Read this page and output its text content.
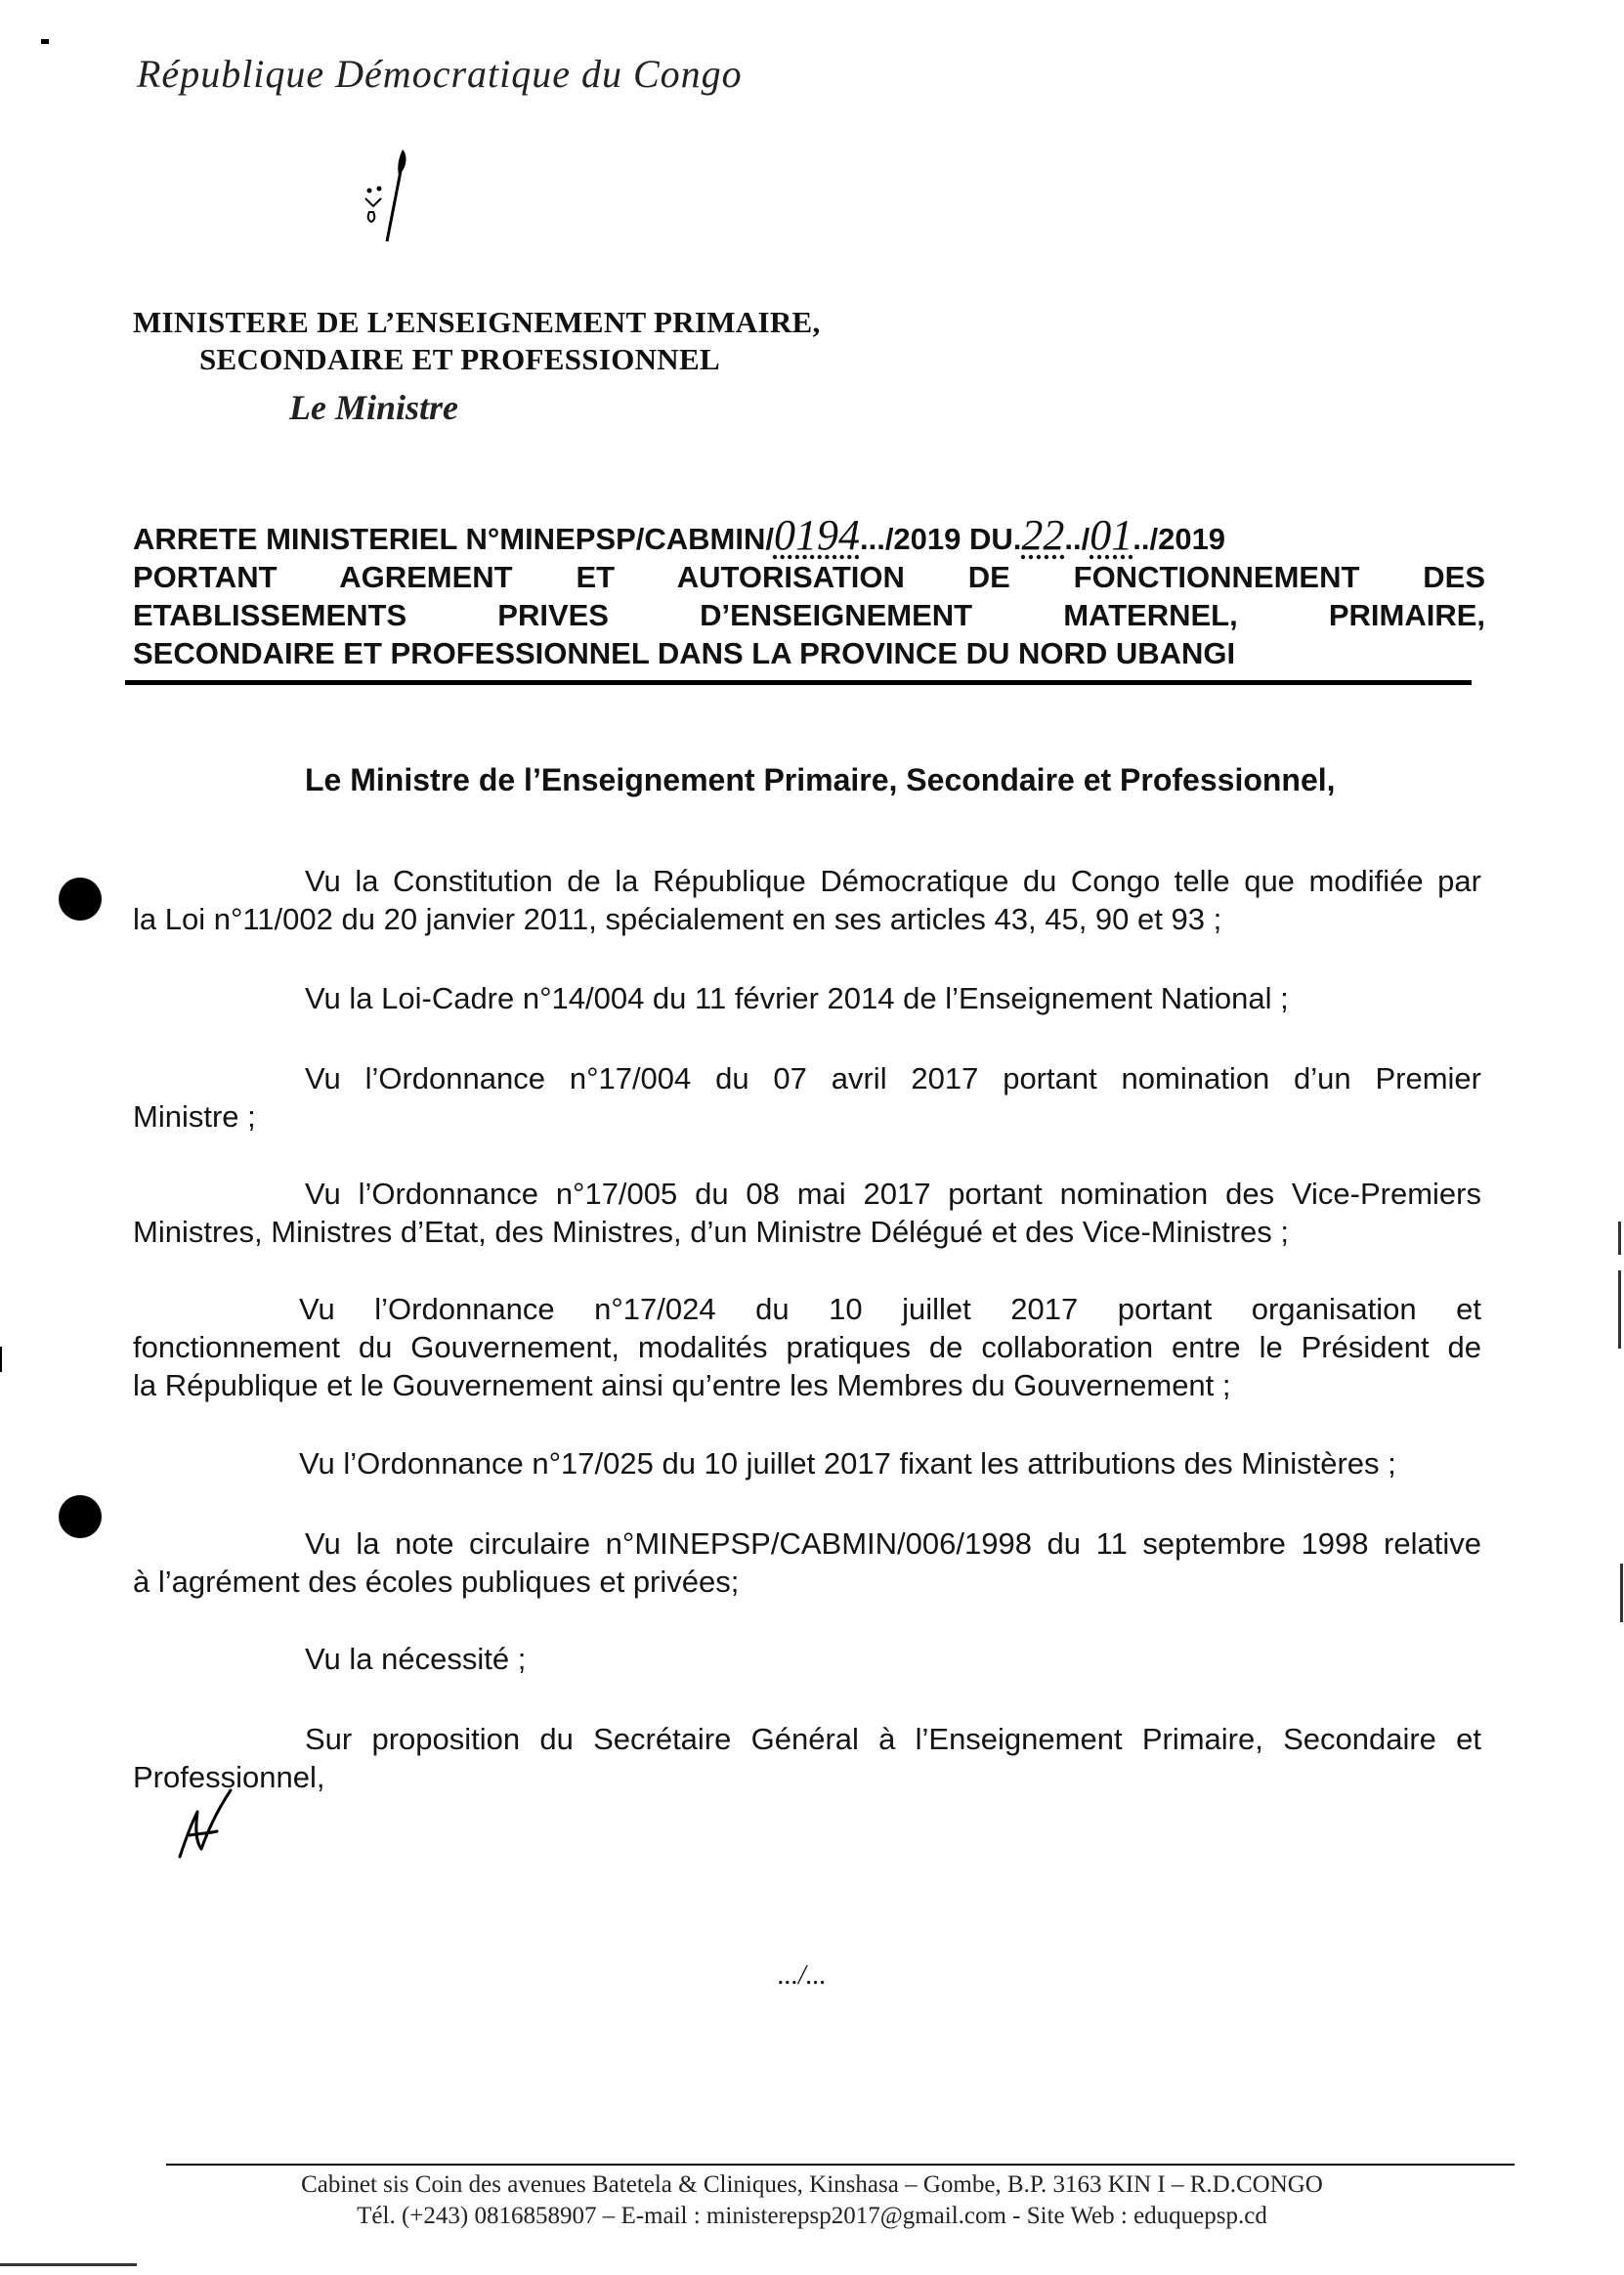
République Démocratique du Congo
MINISTERE DE L’ENSEIGNEMENT PRIMAIRE,
SECONDAIRE ET PROFESSIONNEL
Le Ministre
ARRETE MINISTERIEL N°MINEPSP/CABMIN/0194.../2019 DU.22../01../2019
PORTANT AGREMENT ET AUTORISATION DE FONCTIONNEMENT DES
ETABLISSEMENTS PRIVES D’ENSEIGNEMENT MATERNEL, PRIMAIRE,
SECONDAIRE ET PROFESSIONNEL DANS LA PROVINCE DU NORD UBANGI
Le Ministre de l’Enseignement Primaire, Secondaire et Professionnel,
Vu la Constitution de la République Démocratique du Congo telle que modifiée par
la Loi n°11/002 du 20 janvier 2011, spécialement en ses articles 43, 45, 90 et 93 ;
Vu la Loi-Cadre n°14/004 du 11 février 2014 de l’Enseignement National ;
Vu l’Ordonnance n°17/004 du 07 avril 2017 portant nomination d’un Premier
Ministre ;
Vu l’Ordonnance n°17/005 du 08 mai 2017 portant nomination des Vice-Premiers
Ministres, Ministres d’Etat, des Ministres, d’un Ministre Délégué et des Vice-Ministres ;
Vu l’Ordonnance n°17/024 du 10 juillet 2017 portant organisation et
fonctionnement du Gouvernement, modalités pratiques de collaboration entre le Président de
la République et le Gouvernement ainsi qu’entre les Membres du Gouvernement ;
Vu l’Ordonnance n°17/025 du 10 juillet 2017 fixant les attributions des Ministères ;
Vu la note circulaire n°MINEPSP/CABMIN/006/1998 du 11 septembre 1998 relative
à l’agrément des écoles publiques et privées;
Vu la nécessité ;
Sur proposition du Secrétaire Général à l’Enseignement Primaire, Secondaire et
Professionnel,
.../...
Cabinet sis Coin des avenues Batetela & Cliniques, Kinshasa – Gombe, B.P. 3163 KIN I – R.D.CONGO
Tél. (+243) 0816858907 – E-mail : ministerepsp2017@gmail.com - Site Web : eduquepsp.cd
